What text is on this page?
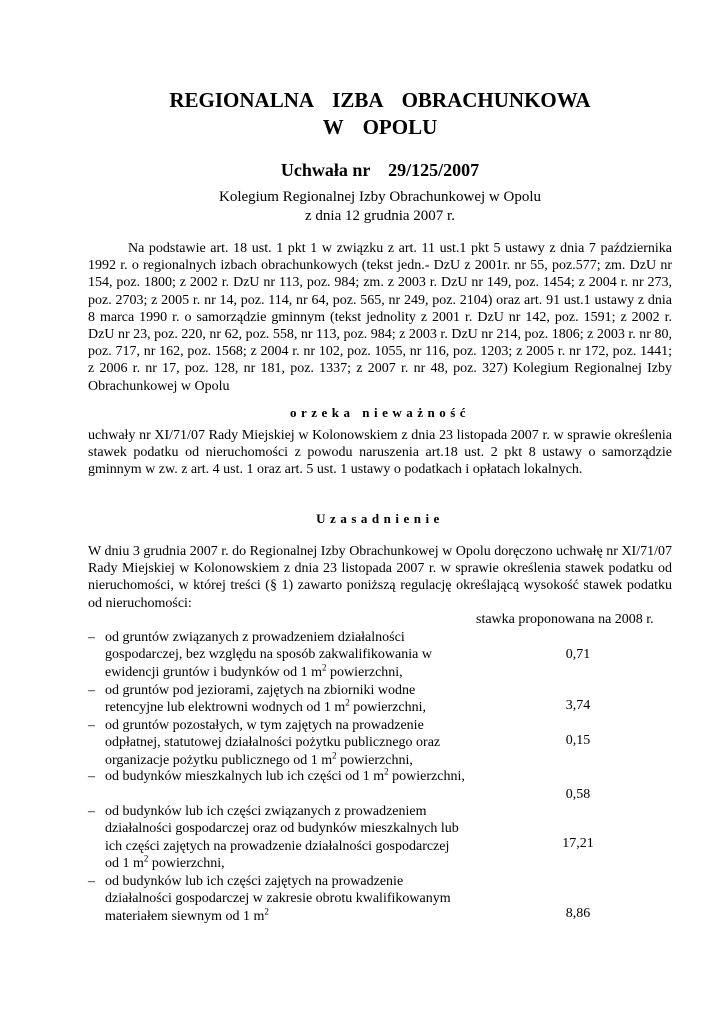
REGIONALNA IZBA OBRACHUNKOWA
W OPOLU
Uchwała nr    29/125/2007
Kolegium Regionalnej Izby Obrachunkowej w Opolu
z dnia 12 grudnia 2007 r.
Na podstawie art. 18 ust. 1 pkt 1 w związku z art. 11 ust.1 pkt 5 ustawy z dnia 7 października 1992 r. o regionalnych izbach obrachunkowych (tekst jedn.- DzU z 2001r. nr 55, poz.577; zm. DzU nr 154, poz. 1800; z 2002 r. DzU nr 113, poz. 984; zm. z 2003 r. DzU nr 149, poz. 1454; z 2004 r. nr 273, poz. 2703; z 2005 r. nr 14, poz. 114, nr 64, poz. 565, nr 249, poz. 2104) oraz art. 91 ust.1 ustawy z dnia 8 marca 1990 r. o samorządzie gminnym (tekst jednolity z 2001 r. DzU nr 142, poz. 1591; z 2002 r. DzU nr 23, poz. 220, nr 62, poz. 558, nr 113, poz. 984; z 2003 r. DzU nr 214, poz. 1806; z 2003 r. nr 80, poz. 717, nr 162, poz. 1568; z 2004 r. nr 102, poz. 1055, nr 116, poz. 1203; z 2005 r. nr 172, poz. 1441; z 2006 r. nr 17, poz. 128, nr 181, poz. 1337; z 2007 r. nr 48, poz. 327) Kolegium Regionalnej Izby Obrachunkowej w Opolu
orzeka nieważność
uchwały nr XI/71/07 Rady Miejskiej w Kolonowskiem z dnia 23 listopada 2007 r. w sprawie określenia stawek podatku od nieruchomości z powodu naruszenia art.18 ust. 2 pkt 8 ustawy o samorządzie gminnym w zw. z art. 4 ust. 1 oraz art. 5 ust. 1 ustawy o podatkach i opłatach lokalnych.
Uzasadnienie
W dniu 3 grudnia 2007 r. do Regionalnej Izby Obrachunkowej w Opolu doręczono uchwałę nr XI/71/07 Rady Miejskiej w Kolonowskiem z dnia 23 listopada 2007 r. w sprawie określenia stawek podatku od nieruchomości, w której treści (§ 1) zawarto poniższą regulację określającą wysokość stawek podatku od nieruchomości:
stawka proponowana na 2008 r.
– od gruntów związanych z prowadzeniem działalności gospodarczej, bez względu na sposób zakwalifikowania w ewidencji gruntów i budynków od 1 $m^2$ powierzchni,
0,71
– od gruntów pod jeziorami, zajętych na zbiorniki wodne retencyjne lub elektrowni wodnych od 1 $m^2$ powierzchni,	3,74
– od gruntów pozostałych, w tym zajętych na prowadzenie odpłatnej, statutowej działalności pożytku publicznego oraz organizacje pożytku publicznego od 1 $m^2$ powierzchni,
0,15
– od budynków mieszkalnych lub ich części od 1 $m^2$ powierzchni,
0,58
– od budynków lub ich części związanych z prowadzeniem działalności gospodarczej oraz od budynków mieszkalnych lub ich części zajętych na prowadzenie działalności gospodarczej od 1 $m^2$ powierzchni,
17,21
– od budynków lub ich części zajętych na prowadzenie działalności gospodarczej w zakresie obrotu kwalifikowanym materiałem siewnym od 1 $m^2$	8,86
